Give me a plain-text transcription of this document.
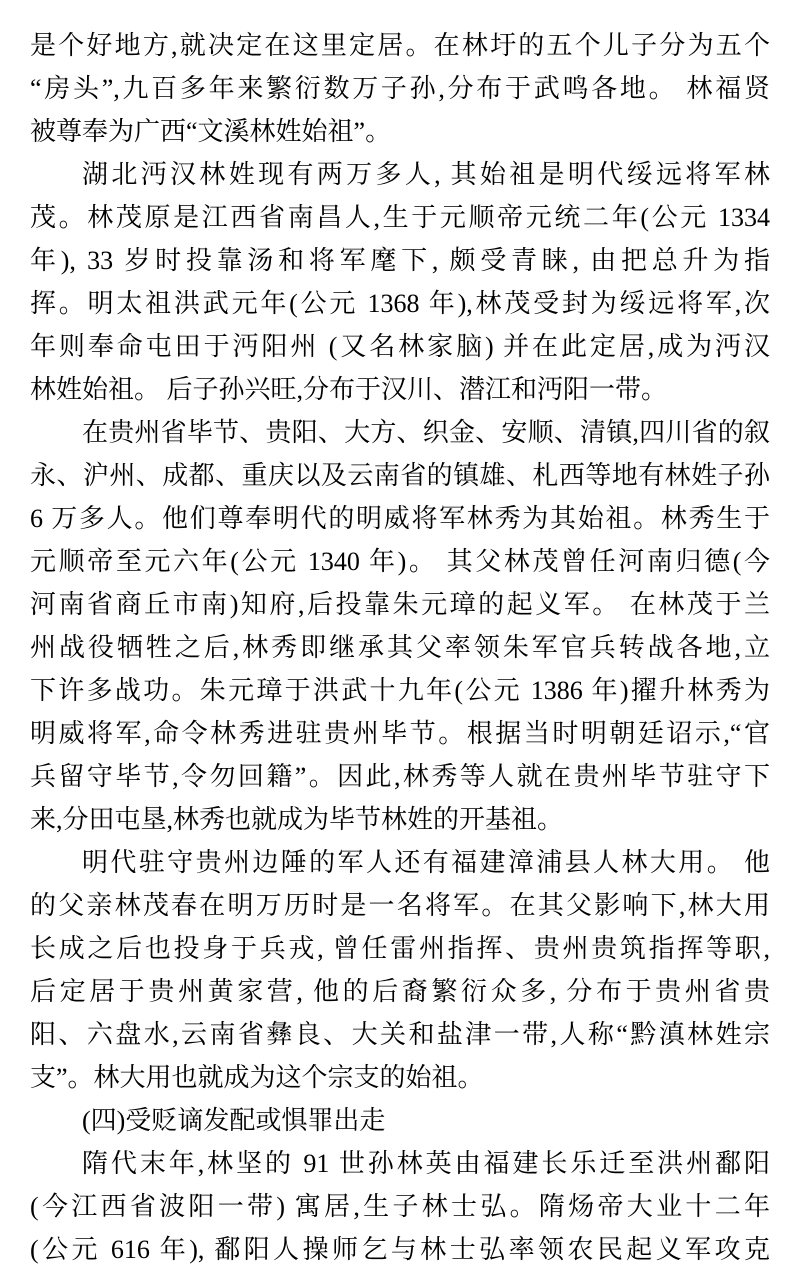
是个好地方,就决定在这里定居。在林圩的五个儿子分为五个
“房头”,九百多年来繁衍数万子孙,分布于武鸣各地。 林福贤
被尊奉为广西“文溪林姓始祖”。
湖北沔汉林姓现有两万多人, 其始祖是明代绥远将军林
茂。林茂原是江西省南昌人,生于元顺帝元统二年(公元 1334
年), 33 岁时投靠汤和将军麾下, 颇受青睐, 由把总升为指
挥。明太祖洪武元年(公元 1368 年),林茂受封为绥远将军,次
年则奉命屯田于沔阳州 (又名林家脑) 并在此定居,成为沔汉
林姓始祖。 后子孙兴旺,分布于汉川、潜江和沔阳一带。
在贵州省毕节、贵阳、大方、织金、安顺、清镇,四川省的叙
永、沪州、成都、重庆以及云南省的镇雄、札西等地有林姓子孙
6 万多人。他们尊奉明代的明威将军林秀为其始祖。林秀生于
元顺帝至元六年(公元 1340 年)。 其父林茂曾任河南归德(今
河南省商丘市南)知府,后投靠朱元璋的起义军。 在林茂于兰
州战役牺牲之后,林秀即继承其父率领朱军官兵转战各地,立
下许多战功。朱元璋于洪武十九年(公元 1386 年)擢升林秀为
明威将军,命令林秀进驻贵州毕节。根据当时明朝廷诏示,“官
兵留守毕节,令勿回籍”。因此,林秀等人就在贵州毕节驻守下
来,分田屯垦,林秀也就成为毕节林姓的开基祖。
明代驻守贵州边陲的军人还有福建漳浦县人林大用。 他
的父亲林茂春在明万历时是一名将军。在其父影响下,林大用
长成之后也投身于兵戎, 曾任雷州指挥、贵州贵筑指挥等职,
后定居于贵州黄家营, 他的后裔繁衍众多, 分布于贵州省贵
阳、六盘水,云南省彝良、大关和盐津一带,人称“黔滇林姓宗
支”。林大用也就成为这个宗支的始祖。
(四)受贬谪发配或惧罪出走
隋代末年,林坚的 91 世孙林英由福建长乐迁至洪州鄱阳
(今江西省波阳一带) 寓居,生子林士弘。隋炀帝大业十二年
(公元 616 年), 鄱阳人操师乞与林士弘率领农民起义军攻克
